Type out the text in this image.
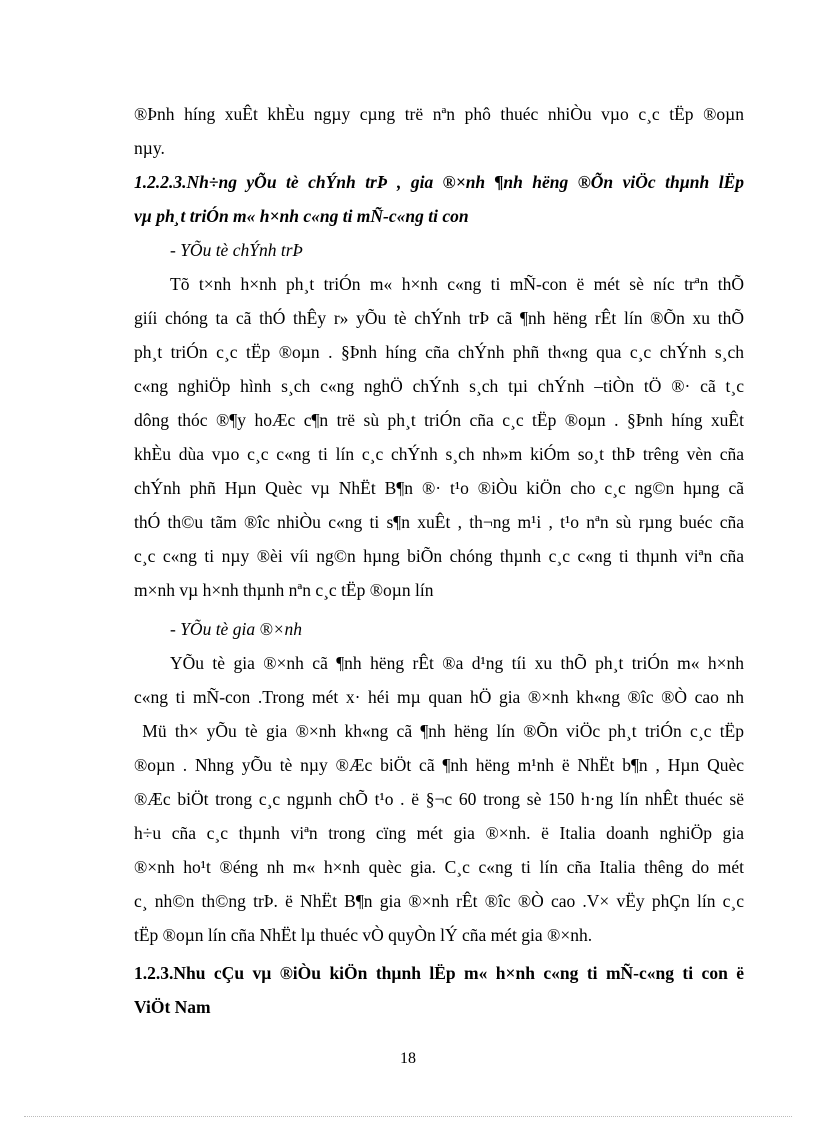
®Þnh híng xuÊt khÈu ngµy cµng trë nªn phô thuéc nhiÒu vµo c¸c tËp ®oµn
nµy.
1.2.2.3.Nh÷ng yÕu tè chÝnh trÞ , gia ®×nh ¶nh hëng ®Õn viÖc thµnh lËp
vµ ph¸t triÓn m« h×nh c«ng ti mÑ-c«ng ti con
- YÕu tè chÝnh trÞ
Tõ t×nh h×nh ph¸t triÓn m« h×nh c«ng ti mÑ-con ë mét sè níc trªn thÕ
giíi chóng ta cã thÓ thÊy r» yÕu tè chÝnh trÞ cã ¶nh hëng rÊt lín ®Õn xu thÕ
ph¸t triÓn c¸c tËp ®oµn . §Þnh híng cña chÝnh phñ th«ng qua c¸c chÝnh s¸ch
c«ng nghiÖp hình s¸ch c«ng nghÖ chÝnh s¸ch tµi chÝnh –tiÒn tÖ ®· cã t¸c
dông thóc ®¶y hoÆc c¶n trë sù ph¸t triÓn cña c¸c tËp ®oµn . §Þnh híng xuÊt
khÈu dùa vµo c¸c c«ng ti lín c¸c chÝnh s¸ch nh»m kiÓm so¸t thÞ trêng vèn cña
chÝnh phñ Hµn Quèc vµ NhËt B¶n ®· t¹o ®iÒu kiÖn cho c¸c ng©n hµng cã
thÓ th©u tãm ®îc nhiÒu c«ng ti s¶n xuÊt , th¬ng m¹i , t¹o nªn sù rµng buéc cña
c¸c c«ng ti nµy ®èi víi ng©n hµng biÕn chóng thµnh c¸c c«ng ti thµnh viªn cña
m×nh vµ h×nh thµnh nªn c¸c tËp ®oµn lín
- YÕu tè gia ®×nh
YÕu tè gia ®×nh cã ¶nh hëng rÊt ®a d¹ng tíi xu thÕ ph¸t triÓn m« h×nh
c«ng ti mÑ-con .Trong mét x· héi mµ quan hÖ gia ®×nh kh«ng ®îc ®Ò cao nh
Mü th× yÕu tè gia ®×nh kh«ng cã ¶nh hëng lín ®Õn viÖc ph¸t triÓn c¸c tËp
®oµn . Nhng yÕu tè nµy ®Æc biÖt cã ¶nh hëng m¹nh ë NhËt b¶n , Hµn Quèc
®Æc biÖt trong c¸c ngµnh chÕ t¹o . ë §¬c 60 trong sè 150 h·ng lín nhÊt thuéc së
h÷u cña c¸c thµnh viªn trong cïng mét gia ®×nh. ë Italia doanh nghiÖp gia
®×nh ho¹t ®éng nh m« h×nh quèc gia. C¸c c«ng ti lín cña Italia thêng do mét
c¸ nh©n th©ng trÞ. ë NhËt B¶n gia ®×nh rÊt ®îc ®Ò cao .V× vËy phÇn lín c¸c
tËp ®oµn lín cña NhËt lµ thuéc vÒ quyÒn lÝ cña mét gia ®×nh.
1.2.3.Nhu cÇu vµ ®iÒu kiÖn thµnh lËp m« h×nh c«ng ti mÑ-c«ng ti con ë
ViÖt Nam
18
